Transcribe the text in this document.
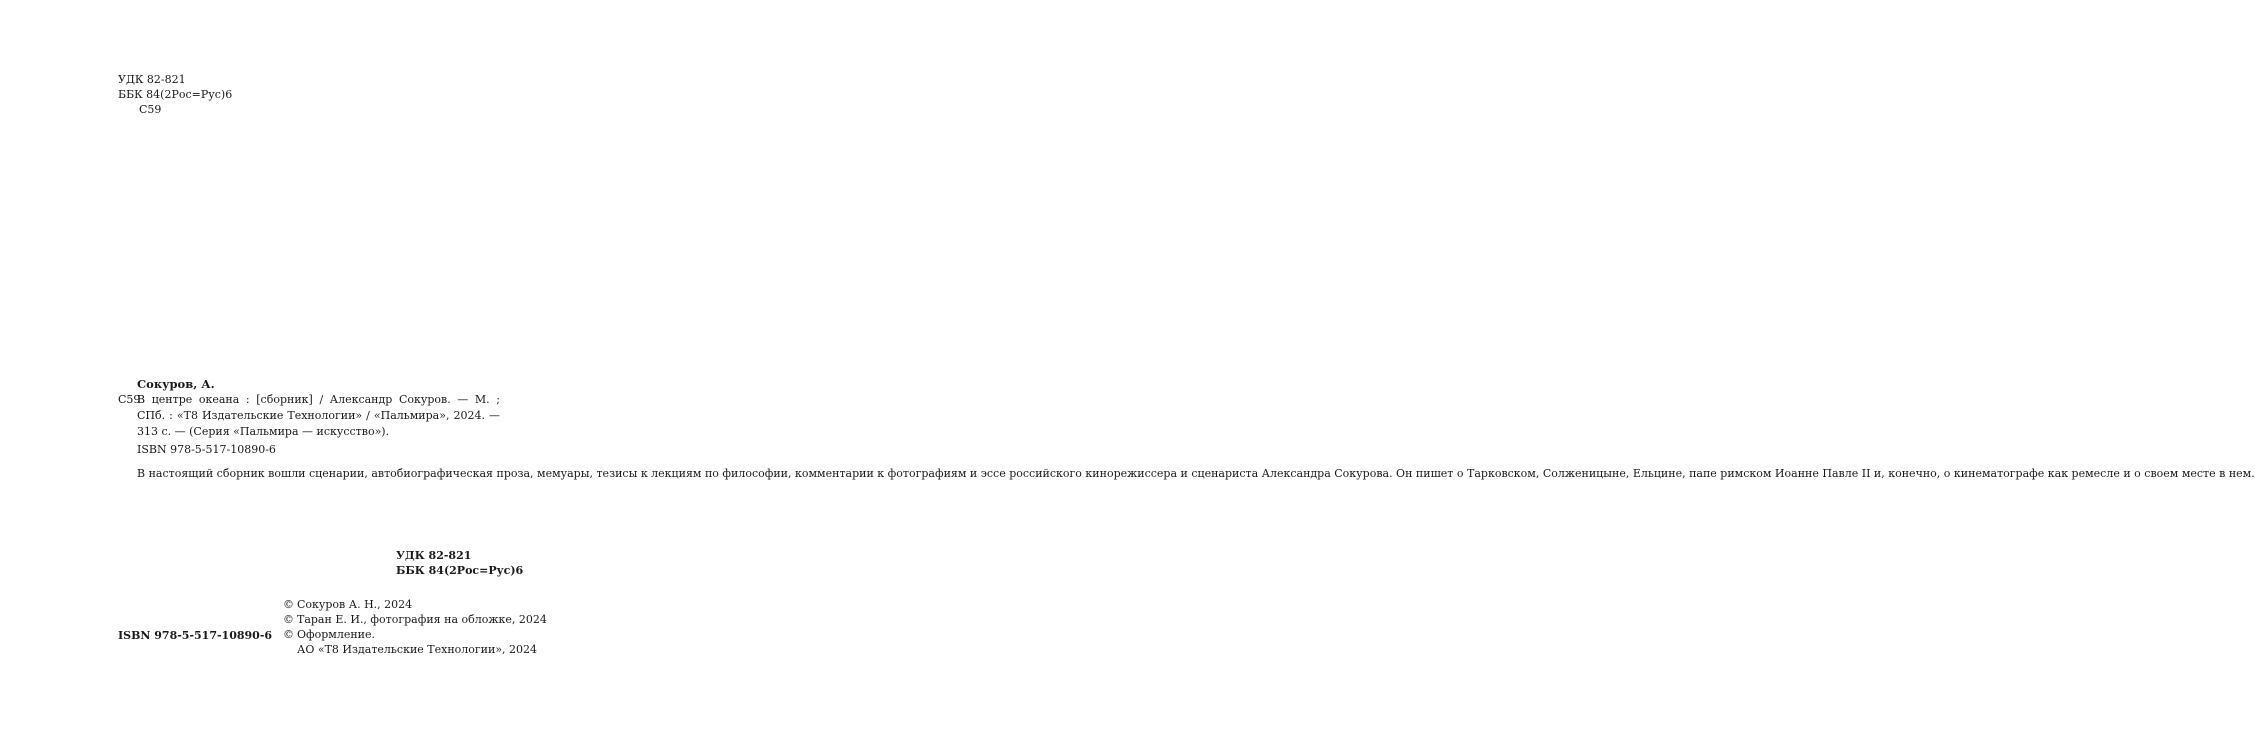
УДК 82-821
ББК 84(2Рос=Рус)6
С59
Сокуров, А.
С59
В центре океана : [сборник] / Александр Сокуров. — М. ;
СПб. : «Т8 Издательские Технологии» / «Пальмира», 2024. —
313 с. — (Серия «Пальмира — искусство»).
ISBN 978-5-517-10890-6
В настоящий сборник вошли сценарии, автобиографическая проза, мемуары, тезисы к лекциям по философии, комментарии к фотографиям и эссе российского кинорежиссера и сценариста Александра Сокурова. Он пишет о Тарковском, Солженицыне, Ельцине, папе римском Иоанне Павле II и, конечно, о кинематографе как ремесле и о своем месте в нем.
УДК 82-821
ББК 84(2Рос=Рус)6
© Сокуров А. Н., 2024
© Таран Е. И., фотография на обложке, 2024
© Оформление.
АО «Т8 Издательские Технологии», 2024
ISBN 978-5-517-10890-6
